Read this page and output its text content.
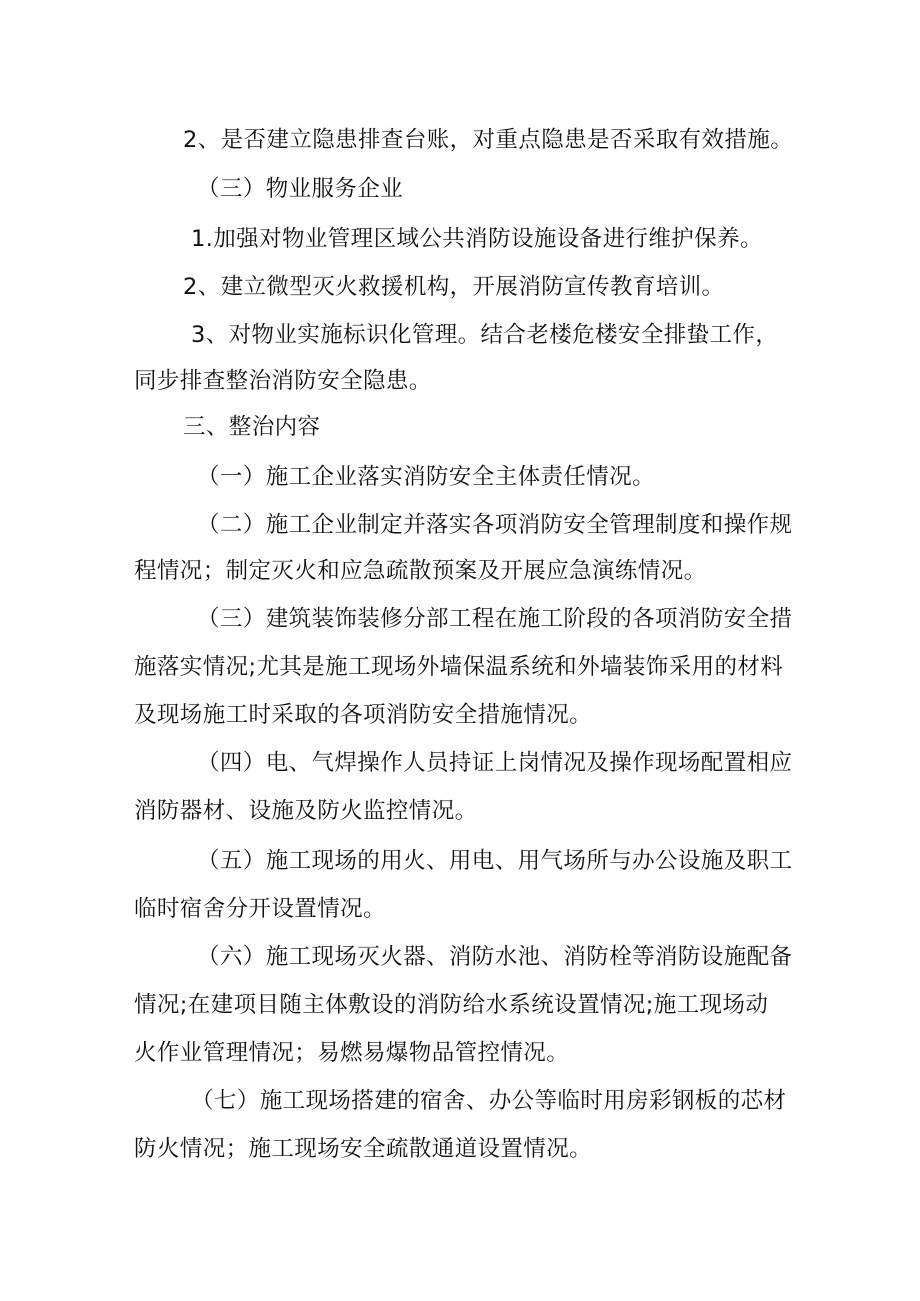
2、是否建立隐患排查台账，对重点隐患是否采取有效措施。

（三）物业服务企业

1.加强对物业管理区域公共消防设施设备进行维护保养。

2、建立微型灭火救援机构，开展消防宣传教育培训。

3、对物业实施标识化管理。结合老楼危楼安全排蛰工作，

同步排查整治消防安全隐患。

三、整治内容

（一）施工企业落实消防安全主体责任情况。

（二）施工企业制定并落实各项消防安全管理制度和操作规

程情况；制定灭火和应急疏散预案及开展应急演练情况。

（三）建筑装饰装修分部工程在施工阶段的各项消防安全措

施落实情况;尤其是施工现场外墙保温系统和外墙装饰采用的材料

及现场施工时采取的各项消防安全措施情况。

（四）电、气焊操作人员持证上岗情况及操作现场配置相应

消防器材、设施及防火监控情况。

（五）施工现场的用火、用电、用气场所与办公设施及职工

临时宿舍分开设置情况。

（六）施工现场灭火器、消防水池、消防栓等消防设施配备

情况;在建项目随主体敷设的消防给水系统设置情况;施工现场动

火作业管理情况；易燃易爆物品管控情况。

（七）施工现场搭建的宿舍、办公等临时用房彩钢板的芯材

防火情况；施工现场安全疏散通道设置情况。
